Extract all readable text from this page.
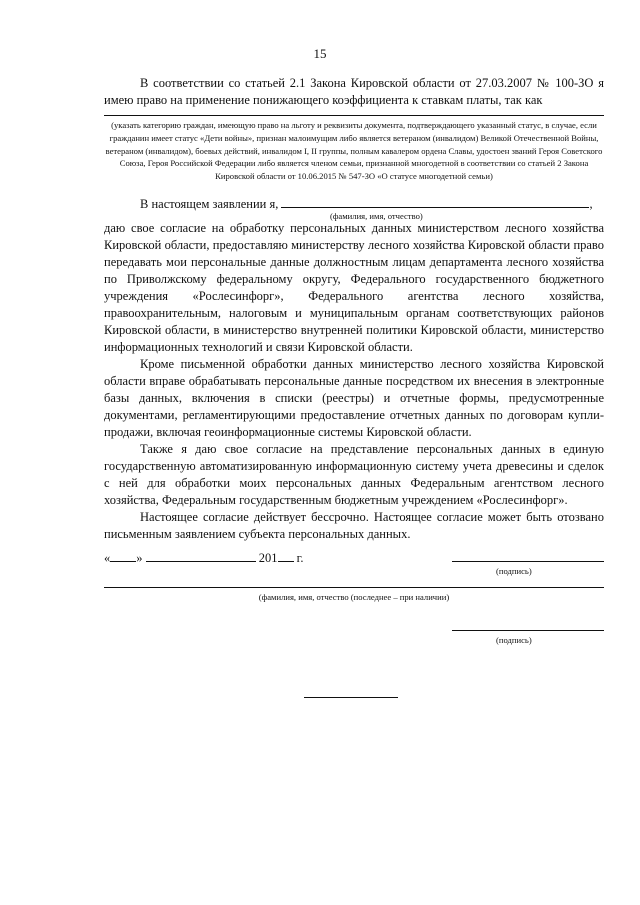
15
В соответствии со статьей 2.1 Закона Кировской области от 27.03.2007 № 100-ЗО я имею право на применение понижающего коэффициента к ставкам платы, так как
(указать категорию граждан, имеющую право на льготу и реквизиты документа, подтверждающего указанный статус, в случае, если гражданин имеет статус «Дети войны», признан малоимущим либо является ветераном (инвалидом) Великой Отечественной Войны, ветераном (инвалидом), боевых действий, инвалидом I, II группы, полным кавалером ордена Славы, удостоен званий Героя Советского Союза, Героя Российской Федерации либо является членом семьи, признанной многодетной в соответствии со статьей 2 Закона Кировской области от 10.06.2015 № 547-ЗО «О статусе многодетной семьи)
В настоящем заявлении я,	,
(фамилия, имя, отчество)

даю свое согласие на обработку персональных данных министерством лесного хозяйства Кировской области, предоставляю министерству лесного хозяйства Кировской области право передавать мои персональные данные должностным лицам департамента лесного хозяйства по Приволжскому федеральному округу, Федерального государственного бюджетного учреждения «Рослесинфорг», Федерального агентства лесного хозяйства, правоохранительным, налоговым и муниципальным органам соответствующих районов Кировской области, в министерство внутренней политики Кировской области, министерство информационных технологий и связи Кировской области.

Кроме письменной обработки данных министерство лесного хозяйства Кировской области вправе обрабатывать персональные данные посредством их внесения в электронные базы данных, включения в списки (реестры) и отчетные формы, предусмотренные документами, регламентирующими предоставление отчетных данных по договорам купли-продажи, включая геоинформационные системы Кировской области.

Также я даю свое согласие на представление персональных данных в единую государственную автоматизированную информационную систему учета древесины и сделок с ней для обработки моих персональных данных Федеральным агентством лесного хозяйства, Федеральным государственным бюджетным учреждением «Рослесинфорг».

Настоящее согласие действует бессрочно. Настоящее согласие может быть отозвано письменным заявлением субъекта персональных данных.

« »	201 г.
(подпись)
(фамилия, имя, отчество (последнее – при наличии)
(подпись)
